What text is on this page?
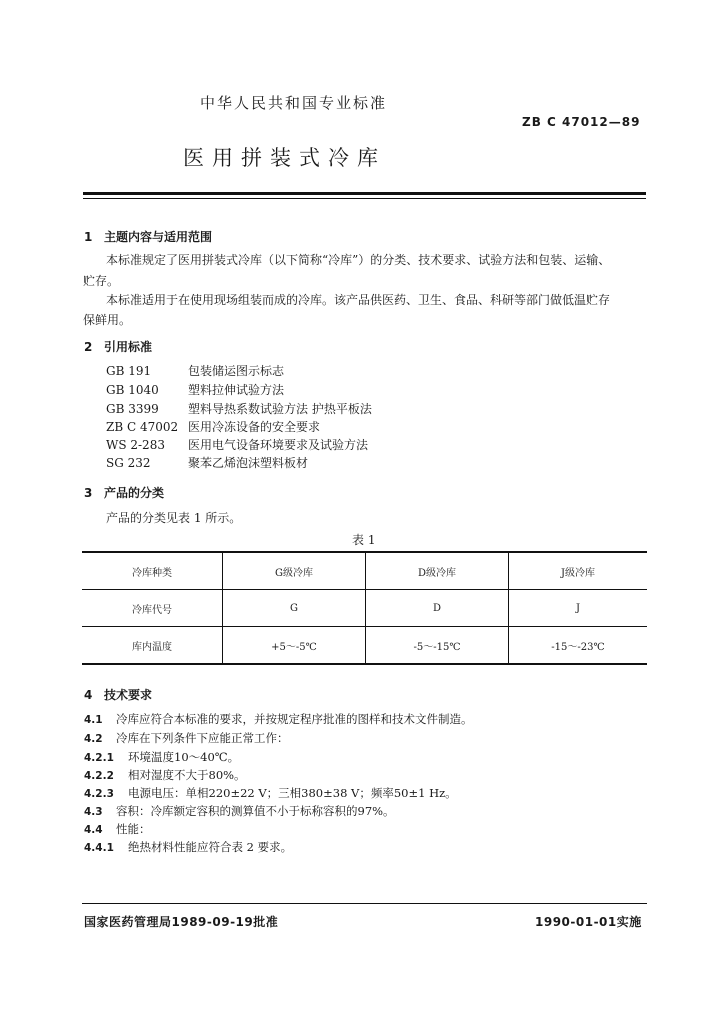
中华人民共和国专业标准
ZB C 47012—89
医用拼装式冷库
1 主题内容与适用范围
本标准规定了医用拼装式冷库（以下简称“冷库”）的分类、技术要求、试验方法和包装、运输、
贮存。
本标准适用于在使用现场组装而成的冷库。该产品供医药、卫生、食品、科研等部门做低温贮存
保鲜用。
2 引用标准
GB 191	包装储运图示标志
GB 1040 塑料拉伸试验方法
GB 3399 塑料导热系数试验方法 护热平板法
ZB C 47002 医用冷冻设备的安全要求
WS 2-283 医用电气设备环境要求及试验方法
SG 232	聚苯乙烯泡沫塑料板材
3 产品的分类
产品的分类见表 1 所示。
表 1
冷库种类	G级冷库	D级冷库	J级冷库
冷库代号	G	D	J
库内温度	+5～-5℃	-5～-15℃	-15～-23℃
4 技术要求
4.1 冷库应符合本标准的要求，并按规定程序批准的图样和技术文件制造。
4.2 冷库在下列条件下应能正常工作：
4.2.1 环境温度10～40℃。
4.2.2 相对湿度不大于80%。
4.2.3 电源电压：单相220±22 V；三相380±38 V；频率50±1 Hz。
4.3 容积：冷库额定容积的测算值不小于标称容积的97%。
4.4 性能：
4.4.1 绝热材料性能应符合表 2 要求。
国家医药管理局1989-09-19批准	1990-01-01实施
